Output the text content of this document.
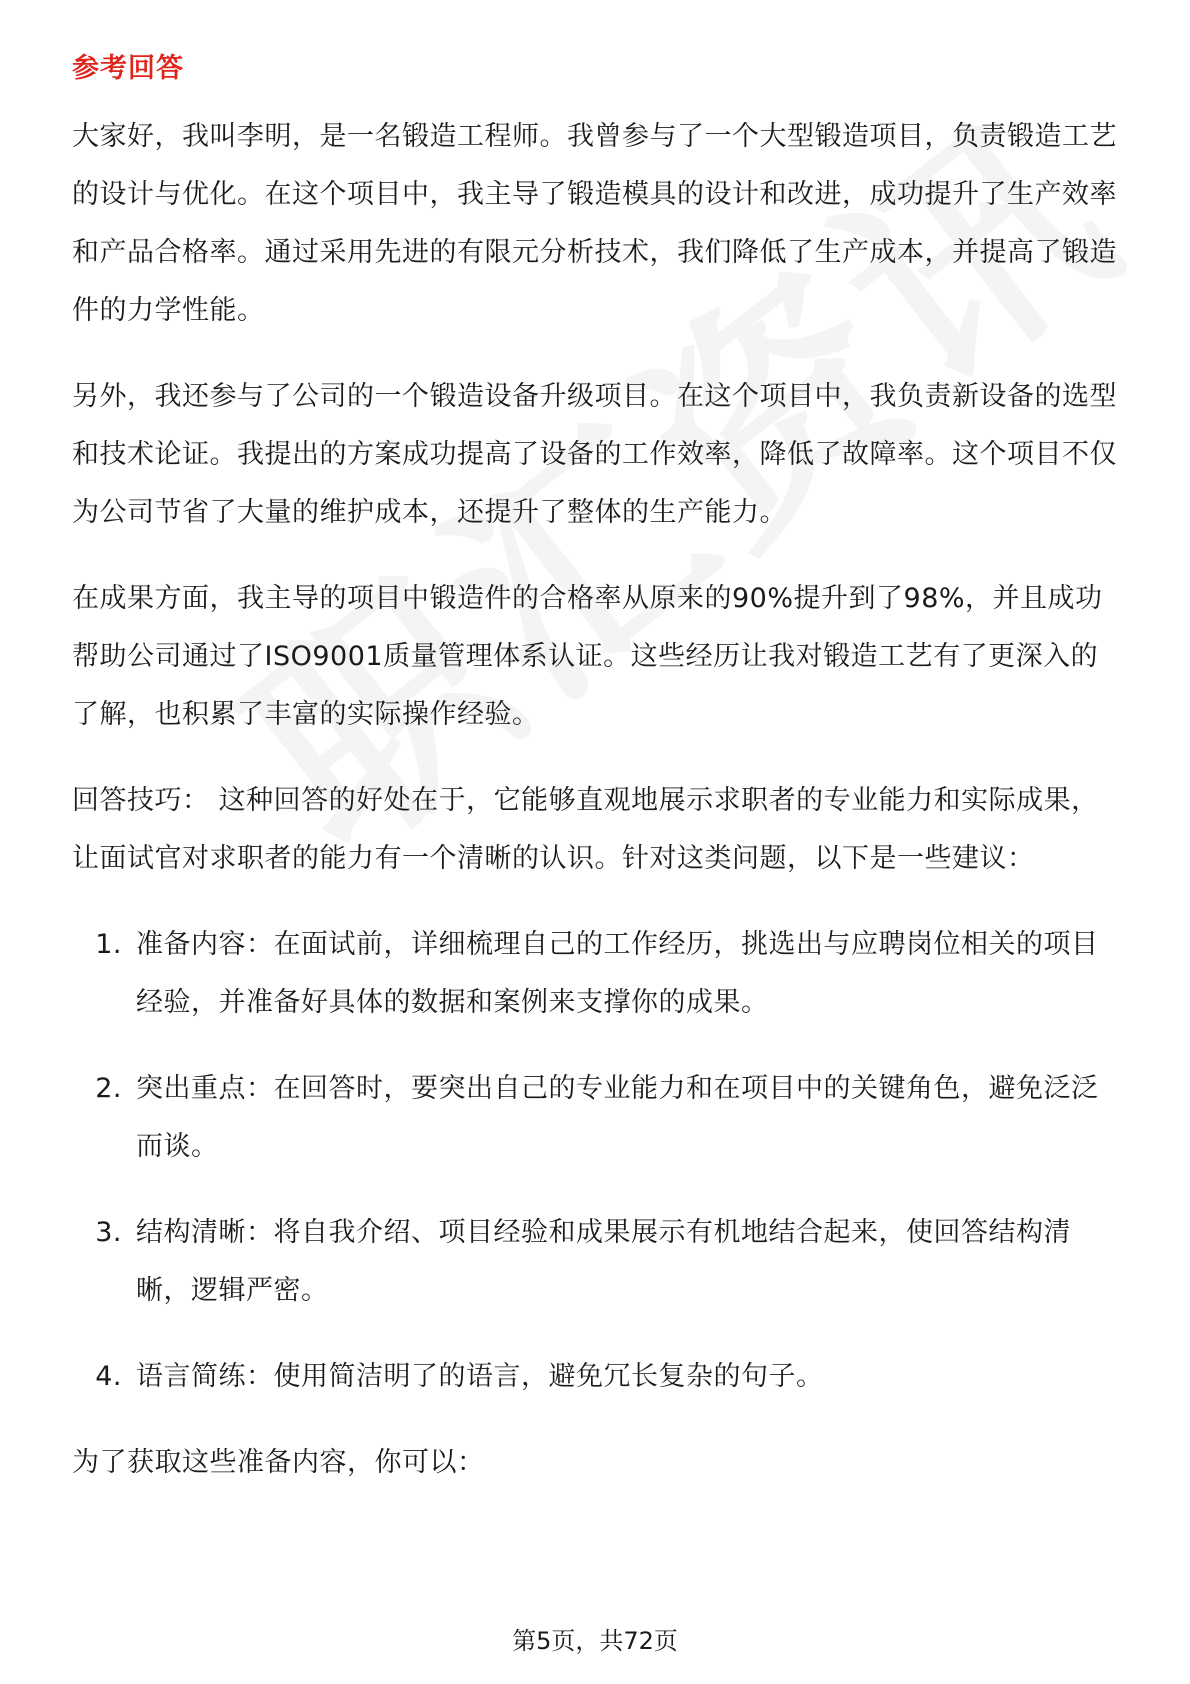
参考回答

大家好，我叫李明，是一名锻造工程师。我曾参与了一个大型锻造项目，负责锻造工艺的设计与优化。在这个项目中，我主导了锻造模具的设计和改进，成功提升了生产效率和产品合格率。通过采用先进的有限元分析技术，我们降低了生产成本，并提高了锻造件的力学性能。

另外，我还参与了公司的一个锻造设备升级项目。在这个项目中，我负责新设备的选型和技术论证。我提出的方案成功提高了设备的工作效率，降低了故障率。这个项目不仅为公司节省了大量的维护成本，还提升了整体的生产能力。

在成果方面，我主导的项目中锻造件的合格率从原来的90%提升到了98%，并且成功帮助公司通过了ISO9001质量管理体系认证。这些经历让我对锻造工艺有了更深入的了解，也积累了丰富的实际操作经验。

回答技巧： 这种回答的好处在于，它能够直观地展示求职者的专业能力和实际成果，让面试官对求职者的能力有一个清晰的认识。针对这类问题，以下是一些建议：

1 . 准备内容：在面试前，详细梳理自己的工作经历，挑选出与应聘岗位相关的项目经验，并准备好具体的数据和案例来支撑你的成果。
2 . 突出重点：在回答时，要突出自己的专业能力和在项目中的关键角色，避免泛泛而谈。
3 . 结构清晰：将自我介绍、项目经验和成果展示有机地结合起来，使回答结构清晰，逻辑严密。
4 . 语言简练：使用简洁明了的语言，避免冗长复杂的句子。

为了获取这些准备内容，你可以：

第5页，共72页
